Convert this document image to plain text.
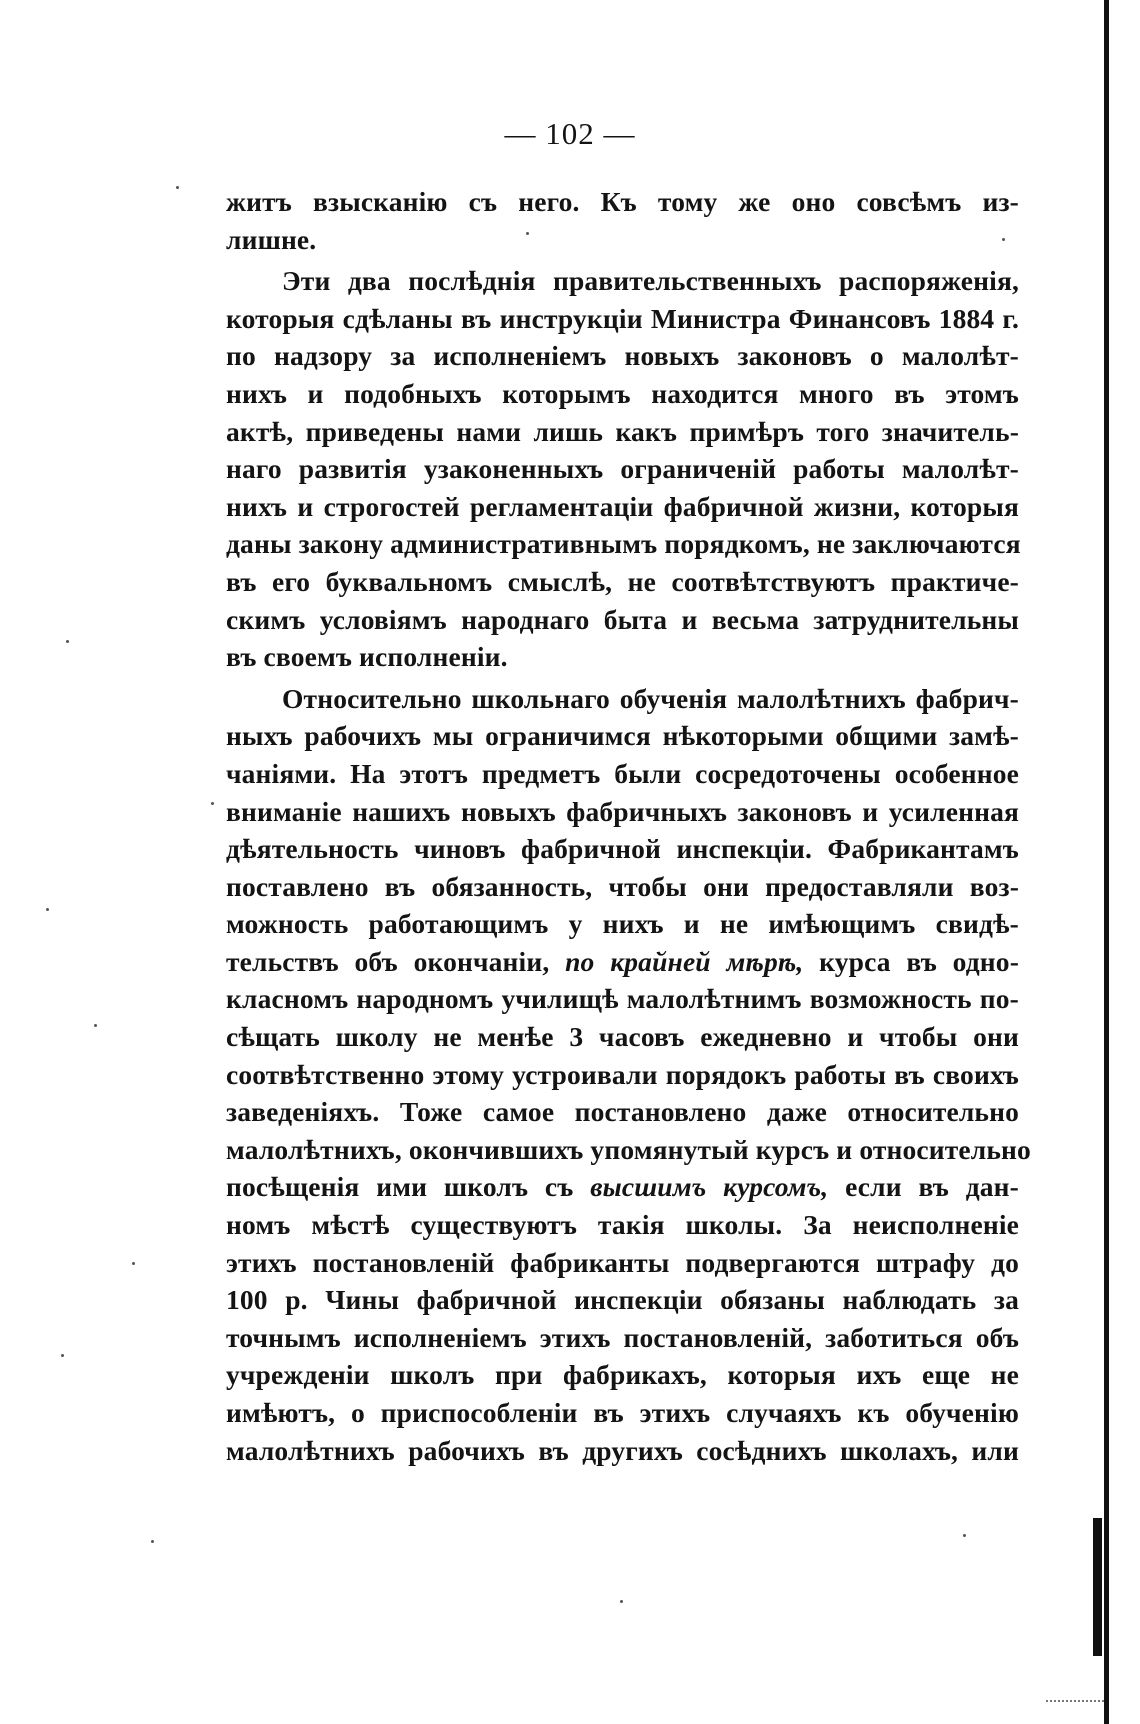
— 102 —
житъ взысканію съ него. Къ тому же оно совсѣмъ из-
лишне.
Эти два послѣднія правительственныхъ распоряженія,
которыя сдѣланы въ инструкціи Министра Финансовъ 1884 г.
по надзору за исполненіемъ новыхъ законовъ о малолѣт-
нихъ и подобныхъ которымъ находится много въ этомъ
актѣ, приведены нами лишь какъ примѣръ того значитель-
наго развитія узаконенныхъ ограниченій работы малолѣт-
нихъ и строгостей регламентаціи фабричной жизни, которыя
даны закону административнымъ порядкомъ, не заключаются
въ его буквальномъ смыслѣ, не соотвѣтствуютъ практиче-
скимъ условіямъ народнаго быта и весьма затруднительны
въ своемъ исполненіи.
Относительно школьнаго обученія малолѣтнихъ фабрич-
ныхъ рабочихъ мы ограничимся нѣкоторыми общими замѣ-
чаніями. На этотъ предметъ были сосредоточены особенное
вниманіе нашихъ новыхъ фабричныхъ законовъ и усиленная
дѣятельность чиновъ фабричной инспекціи. Фабрикантамъ
поставлено въ обязанность, чтобы они предоставляли воз-
можность работающимъ у нихъ и не имѣющимъ свидѣ-
тельствъ объ окончаніи, по крайней мѣрѣ, курса въ одно-
класномъ народномъ училищѣ малолѣтнимъ возможность по-
сѣщать школу не менѣе 3 часовъ ежедневно и чтобы они
соотвѣтственно этому устроивали порядокъ работы въ своихъ
заведеніяхъ. Тоже самое постановлено даже относительно
малолѣтнихъ, окончившихъ упомянутый курсъ и относительно
посѣщенія ими школъ съ высшимъ курсомъ, если въ дан-
номъ мѣстѣ существуютъ такія школы. За неисполненіе
этихъ постановленій фабриканты подвергаются штрафу до
100 р. Чины фабричной инспекціи обязаны наблюдать за
точнымъ исполненіемъ этихъ постановленій, заботиться объ
учрежденіи школъ при фабрикахъ, которыя ихъ еще не
имѣютъ, о приспособленіи въ этихъ случаяхъ къ обученію
малолѣтнихъ рабочихъ въ другихъ сосѣднихъ школахъ, или
